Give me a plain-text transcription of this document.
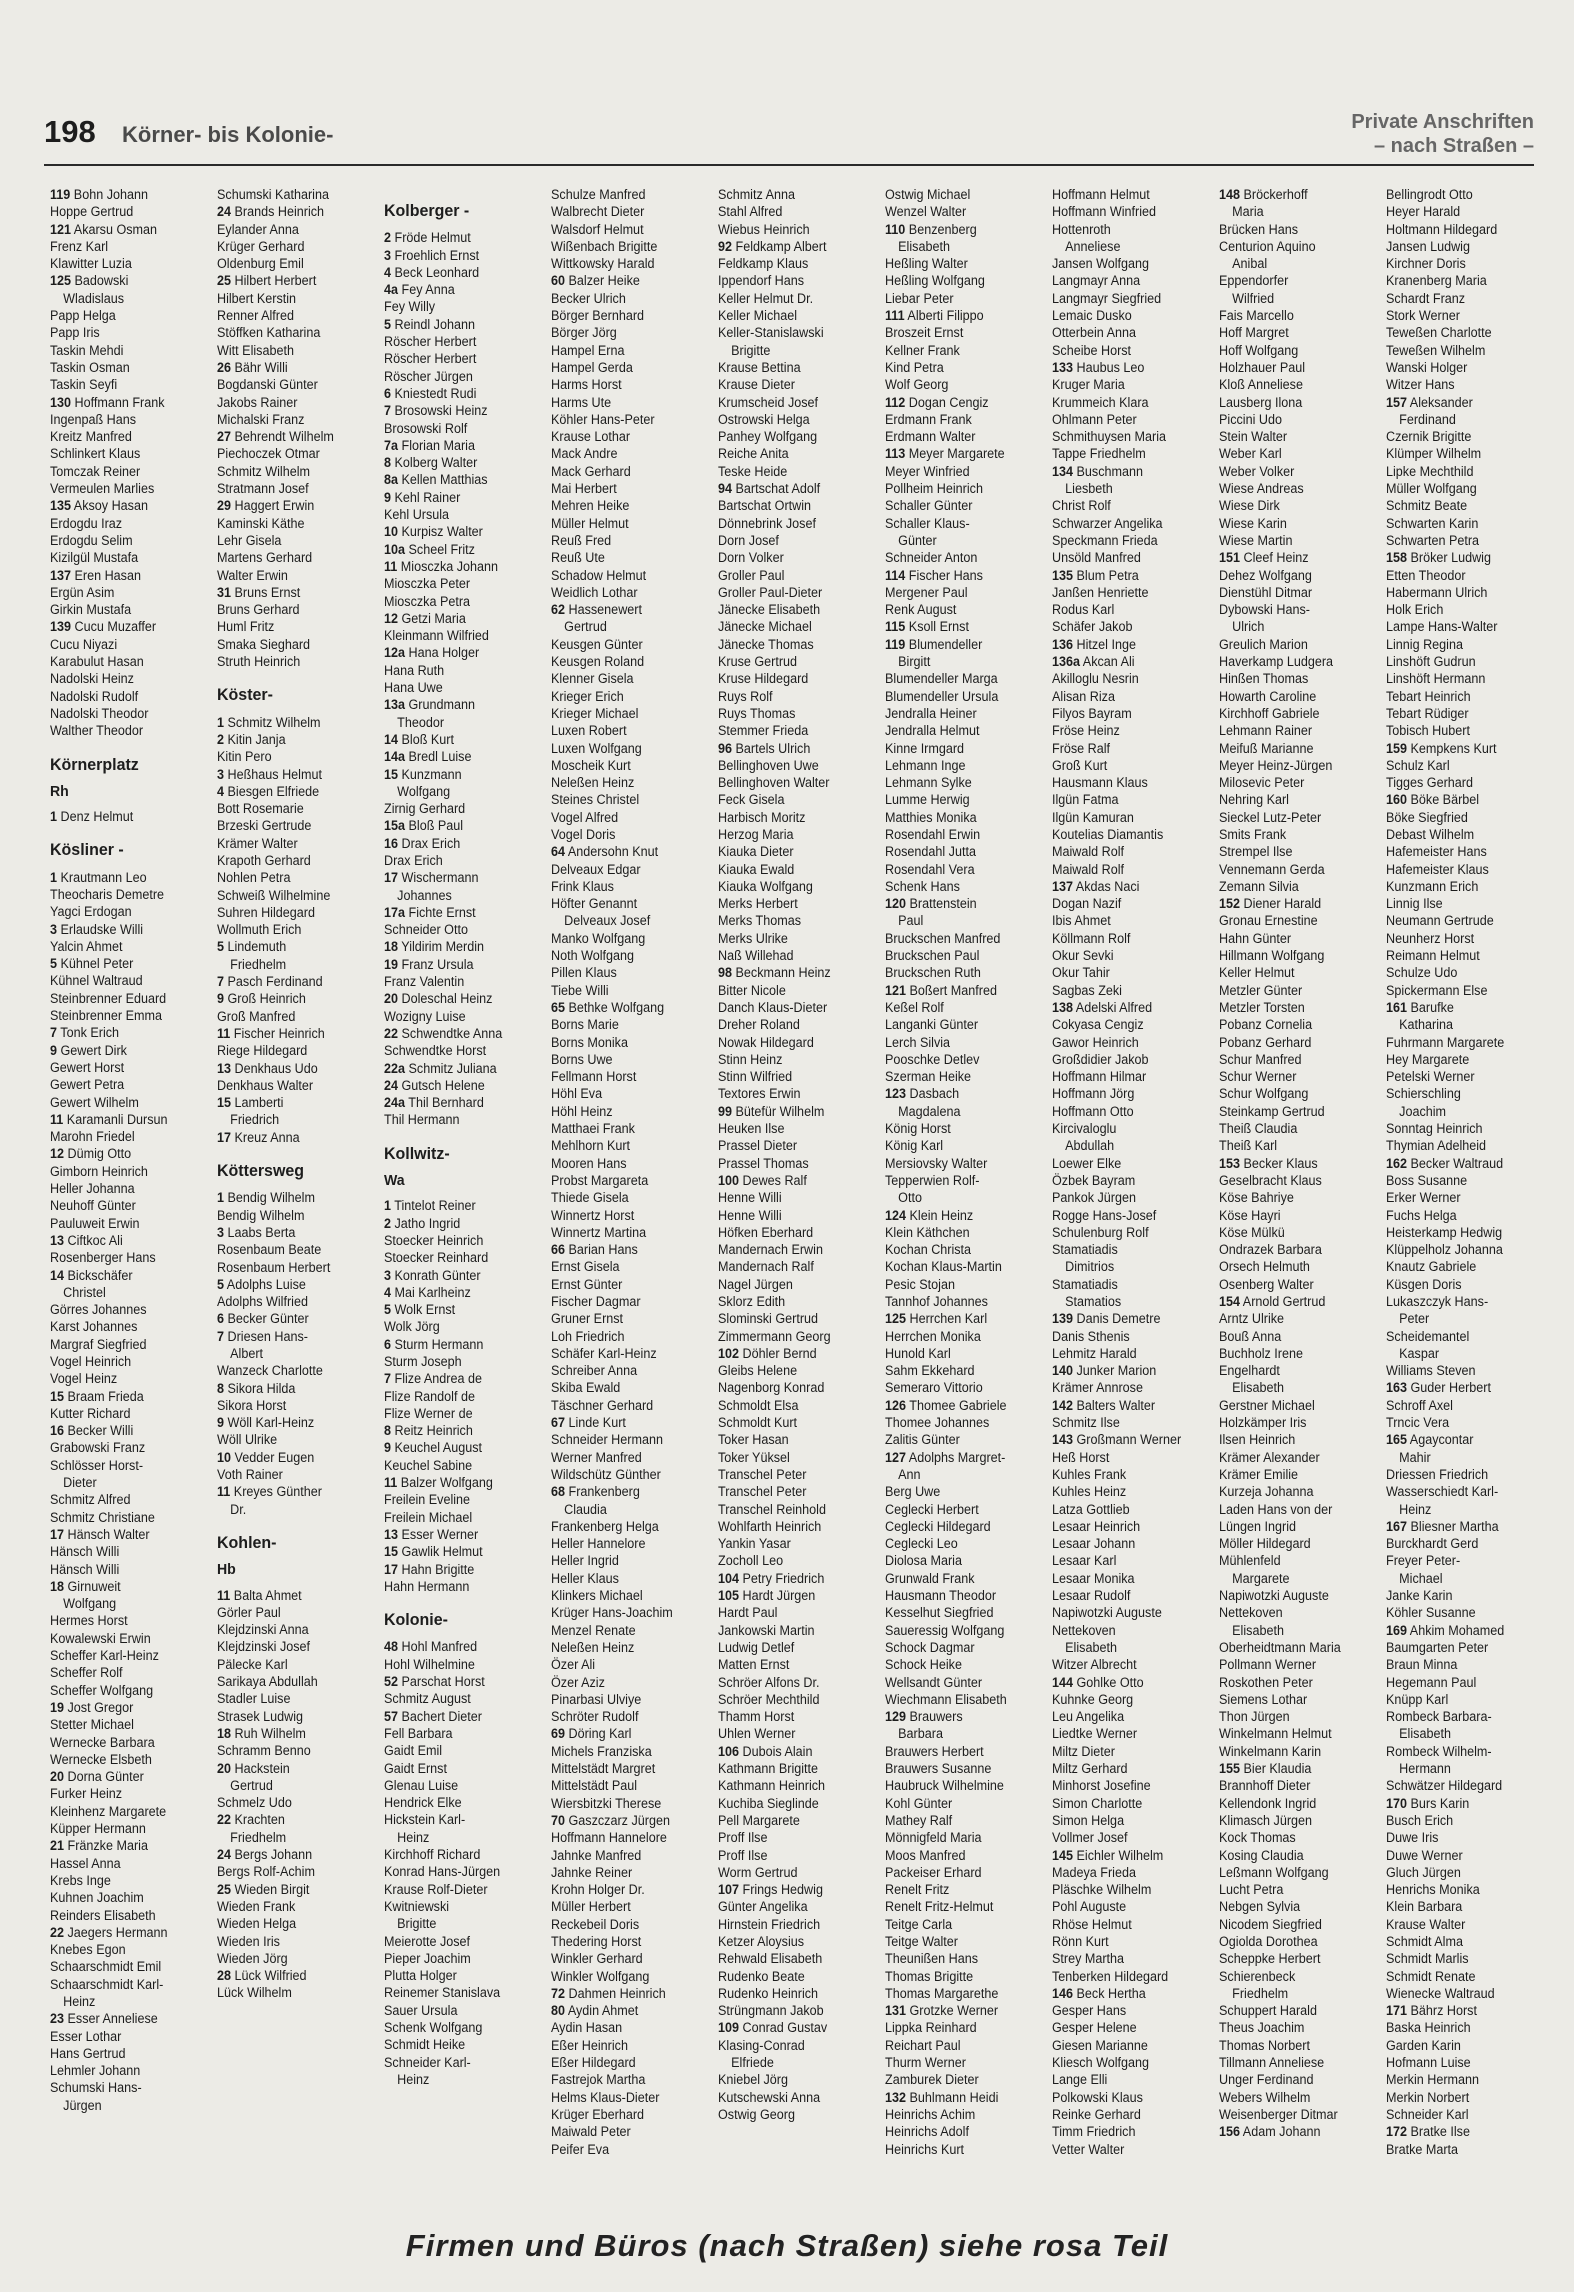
198 Körner- bis Kolonie-	Private Anschriften
– nach Straßen –
119 Bohn Johann
Hoppe Gertrud
121 Akarsu Osman
Frenz Karl
Klawitter Luzia
125 Badowski
Wladislaus
Papp Helga
Papp Iris
Taskin Mehdi
Taskin Osman
Taskin Seyfi
130 Hoffmann Frank
Ingenpaß Hans
Kreitz Manfred
Schlinkert Klaus
Tomczak Reiner
Vermeulen Marlies
135 Aksoy Hasan
Erdogdu Iraz
Erdogdu Selim
Kizilgül Mustafa
137 Eren Hasan
Ergün Asim
Girkin Mustafa
139 Cucu Muzaffer
Cucu Niyazi
Karabulut Hasan
Nadolski Heinz
Nadolski Rudolf
Nadolski Theodor
Walther Theodor
Körnerplatz
Rh
1 Denz Helmut
Kösliner -
1 Krautmann Leo
Theocharis Demetre
Yagci Erdogan
3 Erlaudske Willi
Yalcin Ahmet
5 Kühnel Peter
Kühnel Waltraud
Steinbrenner Eduard
Steinbrenner Emma
7 Tonk Erich
9 Gewert Dirk
Gewert Horst
Gewert Petra
Gewert Wilhelm
11 Karamanli Dursun
Marohn Friedel
12 Dümig Otto
Gimborn Heinrich
Heller Johanna
Neuhoff Günter
Pauluweit Erwin
13 Ciftkoc Ali
Rosenberger Hans
14 Bickschäfer
Christel
Görres Johannes
Karst Johannes
Margraf Siegfried
Vogel Heinrich
Vogel Heinz
15 Braam Frieda
Kutter Richard
16 Becker Willi
Grabowski Franz
Schlösser Horst-
Dieter
Schmitz Alfred
Schmitz Christiane
17 Hänsch Walter
Hänsch Willi
Hänsch Willi
18 Girnuweit
Wolfgang
Hermes Horst
Kowalewski Erwin
Scheffer Karl-Heinz
Scheffer Rolf
Scheffer Wolfgang
19 Jost Gregor
Stetter Michael
Wernecke Barbara
Wernecke Elsbeth
20 Dorna Günter
Furker Heinz
Kleinhenz Margarete
Küpper Hermann
21 Fränzke Maria
Hassel Anna
Krebs Inge
Kuhnen Joachim
Reinders Elisabeth
22 Jaegers Hermann
Knebes Egon
Schaarschmidt Emil
Schaarschmidt Karl-
Heinz
23 Esser Anneliese
Esser Lothar
Hans Gertrud
Lehmler Johann
Schumski Hans-
Jürgen
Schumski Katharina
24 Brands Heinrich
Eylander Anna
Krüger Gerhard
Oldenburg Emil
25 Hilbert Herbert
Hilbert Kerstin
Renner Alfred
Stöffken Katharina
Witt Elisabeth
26 Bähr Willi
Bogdanski Günter
Jakobs Rainer
Michalski Franz
27 Behrendt Wilhelm
Piechoczek Otmar
Schmitz Wilhelm
Stratmann Josef
29 Haggert Erwin
Kaminski Käthe
Lehr Gisela
Martens Gerhard
Walter Erwin
31 Bruns Ernst
Bruns Gerhard
Huml Fritz
Smaka Sieghard
Struth Heinrich
Köster-
1 Schmitz Wilhelm
2 Kitin Janja
Kitin Pero
3 Heßhaus Helmut
4 Biesgen Elfriede
Bott Rosemarie
Brzeski Gertrude
Krämer Walter
Krapoth Gerhard
Nohlen Petra
Schweiß Wilhelmine
Suhren Hildegard
Wollmuth Erich
5 Lindemuth
Friedhelm
7 Pasch Ferdinand
9 Groß Heinrich
Groß Manfred
11 Fischer Heinrich
Riege Hildegard
13 Denkhaus Udo
Denkhaus Walter
15 Lamberti
Friedrich
17 Kreuz Anna
Köttersweg
1 Bendig Wilhelm
Bendig Wilhelm
3 Laabs Berta
Rosenbaum Beate
Rosenbaum Herbert
5 Adolphs Luise
Adolphs Wilfried
6 Becker Günter
7 Driesen Hans-
Albert
Wanzeck Charlotte
8 Sikora Hilda
Sikora Horst
9 Wöll Karl-Heinz
Wöll Ulrike
10 Vedder Eugen
Voth Rainer
11 Kreyes Günther
Dr.
Kohlen-
Hb
11 Balta Ahmet
Görler Paul
Klejdzinski Anna
Klejdzinski Josef
Pälecke Karl
Sarikaya Abdullah
Stadler Luise
Strasek Ludwig
18 Ruh Wilhelm
Schramm Benno
20 Hackstein
Gertrud
Schmelz Udo
22 Krachten
Friedhelm
24 Bergs Johann
Bergs Rolf-Achim
25 Wieden Birgit
Wieden Frank
Wieden Helga
Wieden Iris
Wieden Jörg
28 Lück Wilfried
Lück Wilhelm
Kolberger -
2 Fröde Helmut
3 Froehlich Ernst
4 Beck Leonhard
4a Fey Anna
Fey Willy
5 Reindl Johann
Röscher Herbert
Röscher Herbert
Röscher Jürgen
6 Kniestedt Rudi
7 Brosowski Heinz
Brosowski Rolf
7a Florian Maria
8 Kolberg Walter
8a Kellen Matthias
9 Kehl Rainer
Kehl Ursula
10 Kurpisz Walter
10a Scheel Fritz
11 Miosczka Johann
Miosczka Peter
Miosczka Petra
12 Getzi Maria
Kleinmann Wilfried
12a Hana Holger
Hana Ruth
Hana Uwe
13a Grundmann
Theodor
14 Bloß Kurt
14a Bredl Luise
15 Kunzmann
Wolfgang
Zirnig Gerhard
15a Bloß Paul
16 Drax Erich
Drax Erich
17 Wischermann
Johannes
17a Fichte Ernst
Schneider Otto
18 Yildirim Merdin
19 Franz Ursula
Franz Valentin
20 Doleschal Heinz
Wozigny Luise
22 Schwendtke Anna
Schwendtke Horst
22a Schmitz Juliana
24 Gutsch Helene
24a Thil Bernhard
Thil Hermann
Kollwitz-
Wa
1 Tintelot Reiner
2 Jatho Ingrid
Stoecker Heinrich
Stoecker Reinhard
3 Konrath Günter
4 Mai Karlheinz
5 Wolk Ernst
Wolk Jörg
6 Sturm Hermann
Sturm Joseph
7 Flize Andrea de
Flize Randolf de
Flize Werner de
8 Reitz Heinrich
9 Keuchel August
Keuchel Sabine
11 Balzer Wolfgang
Freilein Eveline
Freilein Michael
13 Esser Werner
15 Gawlik Helmut
17 Hahn Brigitte
Hahn Hermann
Kolonie-
48 Hohl Manfred
Hohl Wilhelmine
52 Parschat Horst
Schmitz August
57 Bachert Dieter
Fell Barbara
Gaidt Emil
Gaidt Ernst
Glenau Luise
Hendrick Elke
Hickstein Karl-
Heinz
Kirchhoff Richard
Konrad Hans-Jürgen
Krause Rolf-Dieter
Kwitniewski
Brigitte
Meierotte Josef
Pieper Joachim
Plutta Holger
Reinemer Stanislava
Sauer Ursula
Schenk Wolfgang
Schmidt Heike
Schneider Karl-
Heinz
Schulze Manfred
Walbrecht Dieter
Walsdorf Helmut
Wißenbach Brigitte
Wittkowsky Harald
60 Balzer Heike
Becker Ulrich
Börger Bernhard
Börger Jörg
Hampel Erna
Hampel Gerda
Harms Horst
Harms Ute
Köhler Hans-Peter
Krause Lothar
Mack Andre
Mack Gerhard
Mai Herbert
Mehren Heike
Müller Helmut
Reuß Fred
Reuß Ute
Schadow Helmut
Weidlich Lothar
62 Hassenewert
Gertrud
Keusgen Günter
Keusgen Roland
Klenner Gisela
Krieger Erich
Krieger Michael
Luxen Robert
Luxen Wolfgang
Moscheik Kurt
Neleßen Heinz
Steines Christel
Vogel Alfred
Vogel Doris
64 Andersohn Knut
Delveaux Edgar
Frink Klaus
Höfter Genannt
Delveaux Josef
Manko Wolfgang
Noth Wolfgang
Pillen Klaus
Tiebe Willi
65 Bethke Wolfgang
Borns Marie
Borns Monika
Borns Uwe
Fellmann Horst
Höhl Eva
Höhl Heinz
Matthaei Frank
Mehlhorn Kurt
Mooren Hans
Probst Margareta
Thiede Gisela
Winnertz Horst
Winnertz Martina
66 Barian Hans
Ernst Gisela
Ernst Günter
Fischer Dagmar
Gruner Ernst
Loh Friedrich
Schäfer Karl-Heinz
Schreiber Anna
Skiba Ewald
Täschner Gerhard
67 Linde Kurt
Schneider Hermann
Werner Manfred
Wildschütz Günther
68 Frankenberg
Claudia
Frankenberg Helga
Heller Hannelore
Heller Ingrid
Heller Klaus
Klinkers Michael
Krüger Hans-Joachim
Menzel Renate
Neleßen Heinz
Özer Ali
Özer Aziz
Pinarbasi Ulviye
Schröter Rudolf
69 Döring Karl
Michels Franziska
Mittelstädt Margret
Mittelstädt Paul
Wiersbitzki Therese
70 Gaszczarz Jürgen
Hoffmann Hannelore
Jahnke Manfred
Jahnke Reiner
Krohn Holger Dr.
Müller Herbert
Reckebeil Doris
Thedering Horst
Winkler Gerhard
Winkler Wolfgang
72 Dahmen Heinrich
80 Aydin Ahmet
Aydin Hasan
Eßer Heinrich
Eßer Hildegard
Fastrejok Martha
Helms Klaus-Dieter
Krüger Eberhard
Maiwald Peter
Peifer Eva
Schmitz Anna
Stahl Alfred
Wiebus Heinrich
92 Feldkamp Albert
Feldkamp Klaus
Ippendorf Hans
Keller Helmut Dr.
Keller Michael
Keller-Stanislawski
Brigitte
Krause Bettina
Krause Dieter
Krumscheid Josef
Ostrowski Helga
Panhey Wolfgang
Reiche Anita
Teske Heide
94 Bartschat Adolf
Bartschat Ortwin
Dönnebrink Josef
Dorn Josef
Dorn Volker
Groller Paul
Groller Paul-Dieter
Jänecke Elisabeth
Jänecke Michael
Jänecke Thomas
Kruse Gertrud
Kruse Hildegard
Ruys Rolf
Ruys Thomas
Stemmer Frieda
96 Bartels Ulrich
Bellinghoven Uwe
Bellinghoven Walter
Feck Gisela
Harbisch Moritz
Herzog Maria
Kiauka Dieter
Kiauka Ewald
Kiauka Wolfgang
Merks Herbert
Merks Thomas
Merks Ulrike
Naß Willehad
98 Beckmann Heinz
Bitter Nicole
Danch Klaus-Dieter
Dreher Roland
Nowak Hildegard
Stinn Heinz
Stinn Wilfried
Textores Erwin
99 Bütefür Wilhelm
Heuken Ilse
Prassel Dieter
Prassel Thomas
100 Dewes Ralf
Henne Willi
Henne Willi
Höfken Eberhard
Mandernach Erwin
Mandernach Ralf
Nagel Jürgen
Sklorz Edith
Slominski Gertrud
Zimmermann Georg
102 Döhler Bernd
Gleibs Helene
Nagenborg Konrad
Schmoldt Elsa
Schmoldt Kurt
Toker Hasan
Toker Yüksel
Transchel Peter
Transchel Peter
Transchel Reinhold
Wohlfarth Heinrich
Yankin Yasar
Zocholl Leo
104 Petry Friedrich
105 Hardt Jürgen
Hardt Paul
Jankowski Martin
Ludwig Detlef
Matten Ernst
Schröer Alfons Dr.
Schröer Mechthild
Thamm Horst
Uhlen Werner
106 Dubois Alain
Kathmann Brigitte
Kathmann Heinrich
Kuchiba Sieglinde
Pell Margarete
Proff Ilse
Proff Ilse
Worm Gertrud
107 Frings Hedwig
Günter Angelika
Hirnstein Friedrich
Ketzer Aloysius
Rehwald Elisabeth
Rudenko Beate
Rudenko Heinrich
Strüngmann Jakob
109 Conrad Gustav
Klasing-Conrad
Elfriede
Kniebel Jörg
Kutschewski Anna
Ostwig Georg
Ostwig Michael
Wenzel Walter
110 Benzenberg
Elisabeth
Heßling Walter
Heßling Wolfgang
Liebar Peter
111 Alberti Filippo
Broszeit Ernst
Kellner Frank
Kind Petra
Wolf Georg
112 Dogan Cengiz
Erdmann Frank
Erdmann Walter
113 Meyer Margarete
Meyer Winfried
Pollheim Heinrich
Schaller Günter
Schaller Klaus-
Günter
Schneider Anton
114 Fischer Hans
Mergener Paul
Renk August
115 Ksoll Ernst
119 Blumendeller
Birgitt
Blumendeller Marga
Blumendeller Ursula
Jendralla Heiner
Jendralla Helmut
Kinne Irmgard
Lehmann Inge
Lehmann Sylke
Lumme Herwig
Matthies Monika
Rosendahl Erwin
Rosendahl Jutta
Rosendahl Vera
Schenk Hans
120 Brattenstein
Paul
Bruckschen Manfred
Bruckschen Paul
Bruckschen Ruth
121 Boßert Manfred
Keßel Rolf
Langanki Günter
Lerch Silvia
Pooschke Detlev
Szerman Heike
123 Dasbach
Magdalena
König Horst
König Karl
Mersiovsky Walter
Tepperwien Rolf-
Otto
124 Klein Heinz
Klein Käthchen
Kochan Christa
Kochan Klaus-Martin
Pesic Stojan
Tannhof Johannes
125 Herrchen Karl
Herrchen Monika
Hunold Karl
Sahm Ekkehard
Semeraro Vittorio
126 Thomee Gabriele
Thomee Johannes
Zalitis Günter
127 Adolphs Margret-
Ann
Berg Uwe
Ceglecki Herbert
Ceglecki Hildegard
Ceglecki Leo
Diolosa Maria
Grunwald Frank
Hausmann Theodor
Kesselhut Siegfried
Saueressig Wolfgang
Schock Dagmar
Schock Heike
Wellsandt Günter
Wiechmann Elisabeth
129 Brauwers
Barbara
Brauwers Herbert
Brauwers Susanne
Haubruck Wilhelmine
Kohl Günter
Mathey Ralf
Mönnigfeld Maria
Moos Manfred
Packeiser Erhard
Renelt Fritz
Renelt Fritz-Helmut
Teitge Carla
Teitge Walter
Theunißen Hans
Thomas Brigitte
Thomas Margarethe
131 Grotzke Werner
Lippka Reinhard
Reichart Paul
Thurm Werner
Zamburek Dieter
132 Buhlmann Heidi
Heinrichs Achim
Heinrichs Adolf
Heinrichs Kurt
Hoffmann Helmut
Hoffmann Winfried
Hottenroth
Anneliese
Jansen Wolfgang
Langmayr Anna
Langmayr Siegfried
Lemaic Dusko
Otterbein Anna
Scheibe Horst
133 Haubus Leo
Kruger Maria
Krummeich Klara
Ohlmann Peter
Schmithuysen Maria
Tappe Friedhelm
134 Buschmann
Liesbeth
Christ Rolf
Schwarzer Angelika
Speckmann Frieda
Unsöld Manfred
135 Blum Petra
Janßen Henriette
Rodus Karl
Schäfer Jakob
136 Hitzel Inge
136a Akcan Ali
Akilloglu Nesrin
Alisan Riza
Filyos Bayram
Fröse Heinz
Fröse Ralf
Groß Kurt
Hausmann Klaus
Ilgün Fatma
Ilgün Kamuran
Koutelias Diamantis
Maiwald Rolf
Maiwald Rolf
137 Akdas Naci
Dogan Nazif
Ibis Ahmet
Köllmann Rolf
Okur Sevki
Okur Tahir
Sagbas Zeki
138 Adelski Alfred
Cokyasa Cengiz
Gawor Heinrich
Großdidier Jakob
Hoffmann Hilmar
Hoffmann Jörg
Hoffmann Otto
Kircivaloglu
Abdullah
Loewer Elke
Özbek Bayram
Pankok Jürgen
Rogge Hans-Josef
Schulenburg Rolf
Stamatiadis
Dimitrios
Stamatiadis
Stamatios
139 Danis Demetre
Danis Sthenis
Lehmitz Harald
140 Junker Marion
Krämer Annrose
142 Balters Walter
Schmitz Ilse
143 Großmann Werner
Heß Horst
Kuhles Frank
Kuhles Heinz
Latza Gottlieb
Lesaar Heinrich
Lesaar Johann
Lesaar Karl
Lesaar Monika
Lesaar Rudolf
Napiwotzki Auguste
Nettekoven
Elisabeth
Witzer Albrecht
144 Gohlke Otto
Kuhnke Georg
Leu Angelika
Liedtke Werner
Miltz Dieter
Miltz Gerhard
Minhorst Josefine
Simon Charlotte
Simon Helga
Vollmer Josef
145 Eichler Wilhelm
Madeya Frieda
Pläschke Wilhelm
Pohl Auguste
Rhöse Helmut
Rönn Kurt
Strey Martha
Tenberken Hildegard
146 Beck Hertha
Gesper Hans
Gesper Helene
Giesen Marianne
Kliesch Wolfgang
Lange Elli
Polkowski Klaus
Reinke Gerhard
Timm Friedrich
Vetter Walter
148 Bröckerhoff
Maria
Brücken Hans
Centurion Aquino
Anibal
Eppendorfer
Wilfried
Fais Marcello
Hoff Margret
Hoff Wolfgang
Holzhauer Paul
Kloß Anneliese
Lausberg Ilona
Piccini Udo
Stein Walter
Weber Karl
Weber Volker
Wiese Andreas
Wiese Dirk
Wiese Karin
Wiese Martin
151 Cleef Heinz
Dehez Wolfgang
Dienstühl Ditmar
Dybowski Hans-
Ulrich
Greulich Marion
Haverkamp Ludgera
Hinßen Thomas
Howarth Caroline
Kirchhoff Gabriele
Lehmann Rainer
Meifuß Marianne
Meyer Heinz-Jürgen
Milosevic Peter
Nehring Karl
Sieckel Lutz-Peter
Smits Frank
Strempel Ilse
Vennemann Gerda
Zemann Silvia
152 Diener Harald
Gronau Ernestine
Hahn Günter
Hillmann Wolfgang
Keller Helmut
Metzler Günter
Metzler Torsten
Pobanz Cornelia
Pobanz Gerhard
Schur Manfred
Schur Werner
Schur Wolfgang
Steinkamp Gertrud
Theiß Claudia
Theiß Karl
153 Becker Klaus
Geselbracht Klaus
Köse Bahriye
Köse Hayri
Köse Mülkü
Ondrazek Barbara
Orsech Helmuth
Osenberg Walter
154 Arnold Gertrud
Arntz Ulrike
Bouß Anna
Buchholz Irene
Engelhardt
Elisabeth
Gerstner Michael
Holzkämper Iris
Ilsen Heinrich
Krämer Alexander
Krämer Emilie
Kurzeja Johanna
Laden Hans von der
Lüngen Ingrid
Möller Hildegard
Mühlenfeld
Margarete
Napiwotzki Auguste
Nettekoven
Elisabeth
Oberheidtmann Maria
Pollmann Werner
Roskothen Peter
Siemens Lothar
Thon Jürgen
Winkelmann Helmut
Winkelmann Karin
155 Bier Klaudia
Brannhoff Dieter
Kellendonk Ingrid
Klimasch Jürgen
Kock Thomas
Kosing Claudia
Leßmann Wolfgang
Lucht Petra
Nebgen Sylvia
Nicodem Siegfried
Ogiolda Dorothea
Scheppke Herbert
Schierenbeck
Friedhelm
Schuppert Harald
Theus Joachim
Thomas Norbert
Tillmann Anneliese
Unger Ferdinand
Webers Wilhelm
Weisenberger Ditmar
156 Adam Johann
Bellingrodt Otto
Heyer Harald
Holtmann Hildegard
Jansen Ludwig
Kirchner Doris
Kranenberg Maria
Schardt Franz
Stork Werner
Teweßen Charlotte
Teweßen Wilhelm
Wanski Holger
Witzer Hans
157 Aleksander
Ferdinand
Czernik Brigitte
Klümper Wilhelm
Lipke Mechthild
Müller Wolfgang
Schmitz Beate
Schwarten Karin
Schwarten Petra
158 Bröker Ludwig
Etten Theodor
Habermann Ulrich
Holk Erich
Lampe Hans-Walter
Linnig Regina
Linshöft Gudrun
Linshöft Hermann
Tebart Heinrich
Tebart Rüdiger
Tobisch Hubert
159 Kempkens Kurt
Schulz Karl
Tigges Gerhard
160 Böke Bärbel
Böke Siegfried
Debast Wilhelm
Hafemeister Hans
Hafemeister Klaus
Kunzmann Erich
Linnig Ilse
Neumann Gertrude
Neunherz Horst
Reimann Helmut
Schulze Udo
Spickermann Else
161 Barufke
Katharina
Fuhrmann Margarete
Hey Margarete
Petelski Werner
Schierschling
Joachim
Sonntag Heinrich
Thymian Adelheid
162 Becker Waltraud
Boss Susanne
Erker Werner
Fuchs Helga
Heisterkamp Hedwig
Klüppelholz Johanna
Knautz Gabriele
Küsgen Doris
Lukaszczyk Hans-
Peter
Scheidemantel
Kaspar
Williams Steven
163 Guder Herbert
Schroff Axel
Trncic Vera
165 Agaycontar
Mahir
Driessen Friedrich
Wasserschiedt Karl-
Heinz
167 Bliesner Martha
Burckhardt Gerd
Freyer Peter-
Michael
Janke Karin
Köhler Susanne
169 Ahkim Mohamed
Baumgarten Peter
Braun Minna
Hegemann Paul
Knüpp Karl
Rombeck Barbara-
Elisabeth
Rombeck Wilhelm-
Hermann
Schwätzer Hildegard
170 Burs Karin
Busch Erich
Duwe Iris
Duwe Werner
Gluch Jürgen
Henrichs Monika
Klein Barbara
Krause Walter
Schmidt Alma
Schmidt Marlis
Schmidt Renate
Wienecke Waltraud
171 Bährz Horst
Baska Heinrich
Garden Karin
Hofmann Luise
Merkin Hermann
Merkin Norbert
Schneider Karl
172 Bratke Ilse
Bratke Marta
Firmen und Büros (nach Straßen) siehe rosa Teil
